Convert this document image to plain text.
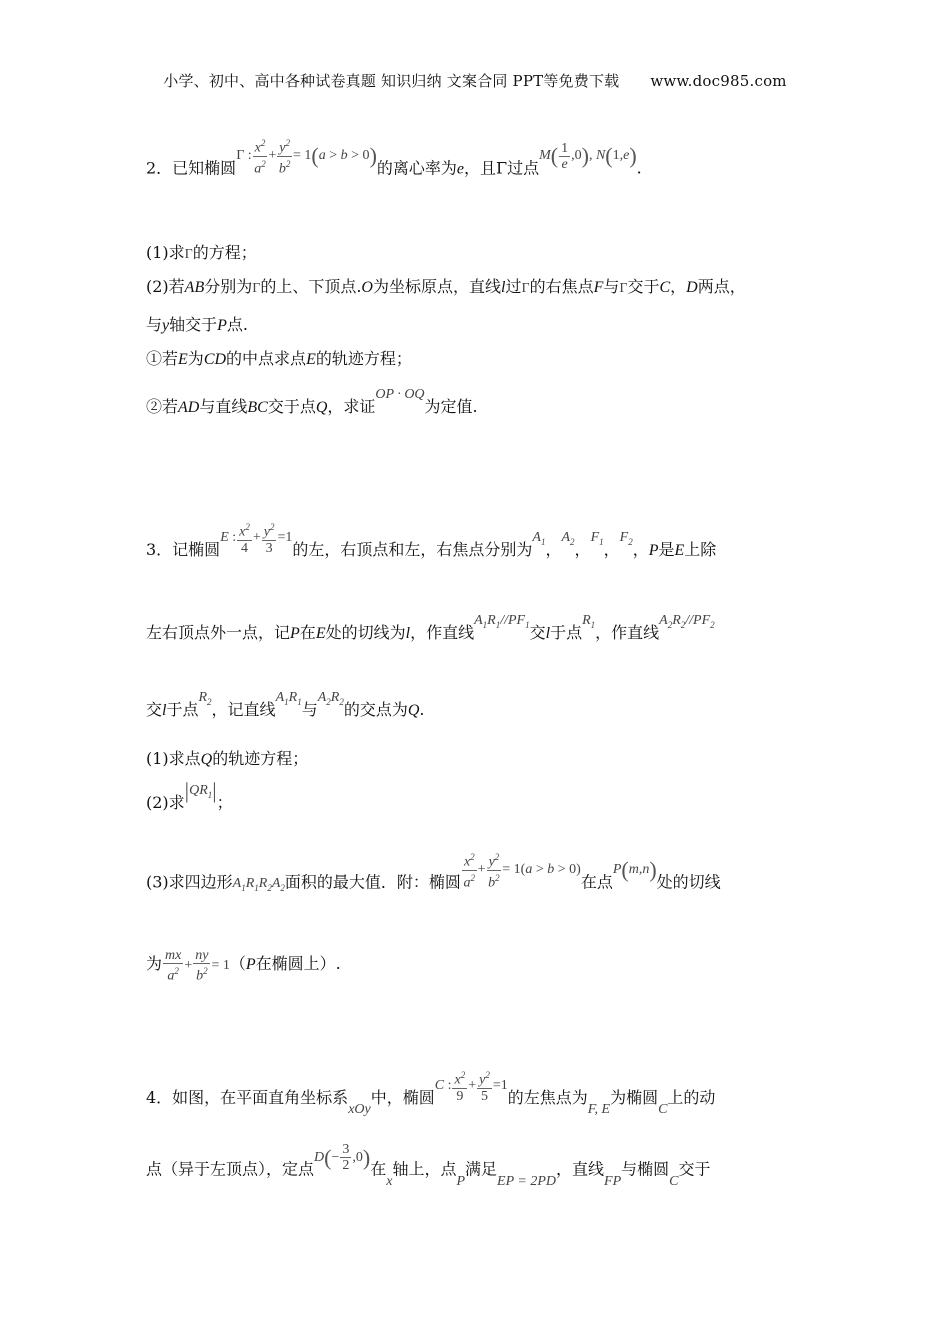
小学、初中、高中各种试卷真题 知识归纳 文案合同 PPT等免费下载 www.doc985.com
2．已知椭圆Γ : $\frac{x^2}{a^2} + \frac{y^2}{b^2} = 1(a > b > 0)$的离心率为e，且Γ过点$M( \frac{1}{e} ,0)$, N(1,e).
(1)求Γ的方程；
(2)若AB分别为Γ的上、下顶点.O为坐标原点，直线l过Γ的右焦点F与Γ交于C，D两点，
与y轴交于P点.
①若E为CD的中点求点E的轨迹方程；
②若AD与直线BC交于点Q，求证OP · OQ为定值.
3．记椭圆E : $\frac{x^2}{4} + \frac{y^2}{3} =1$的左，右顶点和左，右焦点分别为$A_1$，$A_2$，$F_1$，$F_2$，P是E上除
左右顶点外一点，记P在E处的切线为l，作直线$A_1R_1//PF_1$交l于点$R_1$，作直线$A_2R_2//PF_2$
交l于点$R_2$，记直线$A_1R_1$与$A_2R_2$的交点为Q.
(1)求点Q的轨迹方程；
(2)求$|QR_1|$；
(3)求四边形$A_1R_1R_2A_2$面积的最大值．附：椭圆 $\frac{x^2}{a^2} + \frac{y^2}{b^2} = 1(a > b > 0)$在点P(m,n)处的切线
为 $\frac{mx}{a^2} + \frac{ny}{b^2} = 1(P$在椭圆上）.
4．如图，在平面直角坐标系xOy中，椭圆C : $\frac{x^2}{9} + \frac{y^2}{5} =1$的左焦点为F, E为椭圆C上的动
点（异于左顶点），定点$D(- \frac{3}{2} ,0)$在x轴上，点P满足EP = 2PD，直线FP与椭圆C交于
